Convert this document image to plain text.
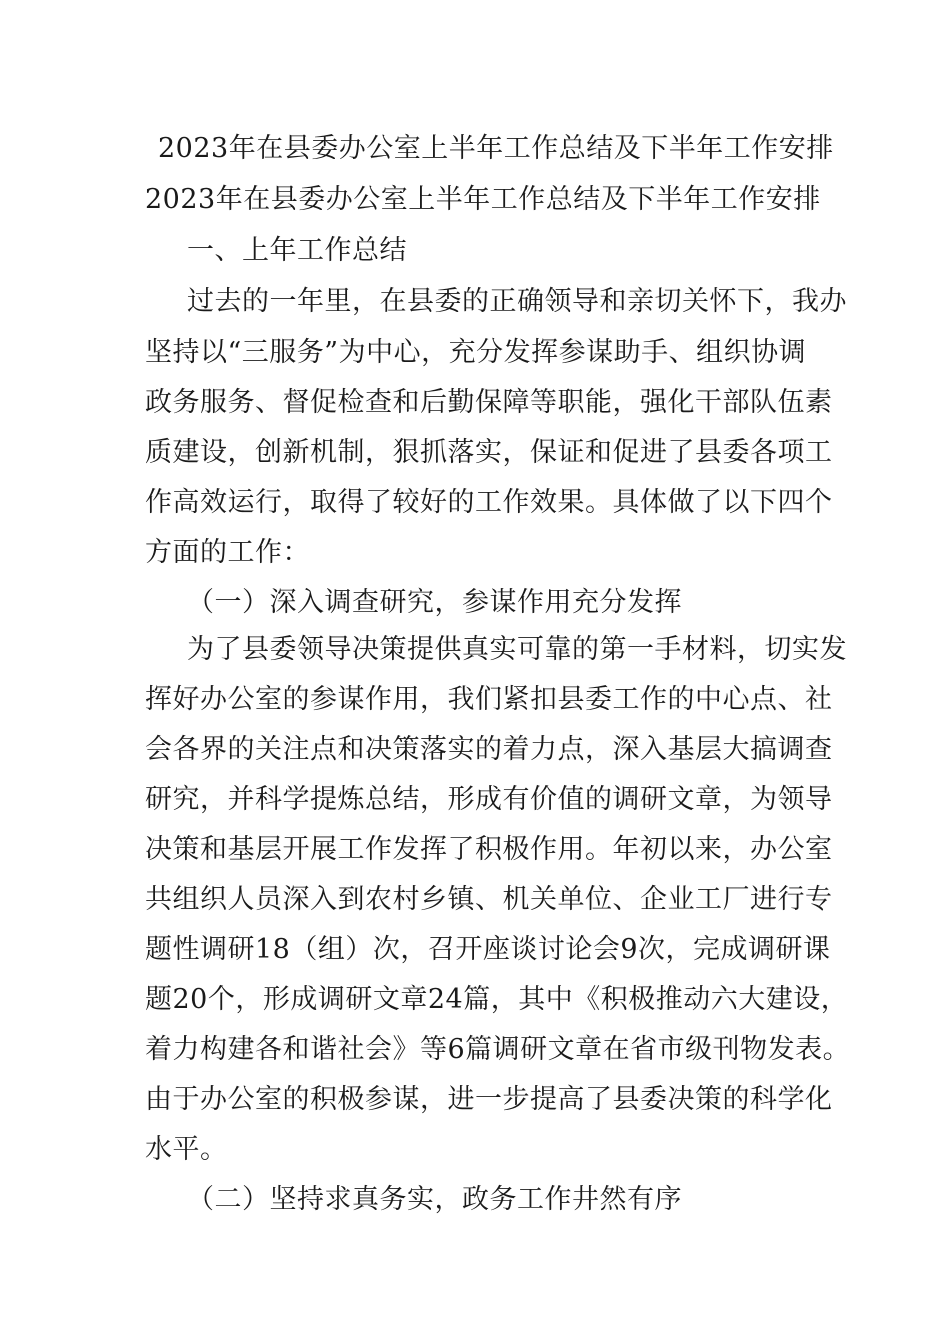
2023年在县委办公室上半年工作总结及下半年工作安排
2023年在县委办公室上半年工作总结及下半年工作安排
一、上年工作总结
过去的一年里，在县委的正确领导和亲切关怀下，我办
坚持以“三服务”为中心，充分发挥参谋助手、组织协调
政务服务、督促检查和后勤保障等职能，强化干部队伍素
质建设，创新机制，狠抓落实，保证和促进了县委各项工
作高效运行，取得了较好的工作效果。具体做了以下四个
方面的工作：
（一）深入调查研究，参谋作用充分发挥
为了县委领导决策提供真实可靠的第一手材料，切实发
挥好办公室的参谋作用，我们紧扣县委工作的中心点、社
会各界的关注点和决策落实的着力点，深入基层大搞调查
研究，并科学提炼总结，形成有价值的调研文章，为领导
决策和基层开展工作发挥了积极作用。年初以来，办公室
共组织人员深入到农村乡镇、机关单位、企业工厂进行专
题性调研18（组）次，召开座谈讨论会9次，完成调研课
题20个，形成调研文章24篇，其中《积极推动六大建设，
着力构建各和谐社会》等6篇调研文章在省市级刊物发表。
由于办公室的积极参谋，进一步提高了县委决策的科学化
水平。
（二）坚持求真务实，政务工作井然有序
